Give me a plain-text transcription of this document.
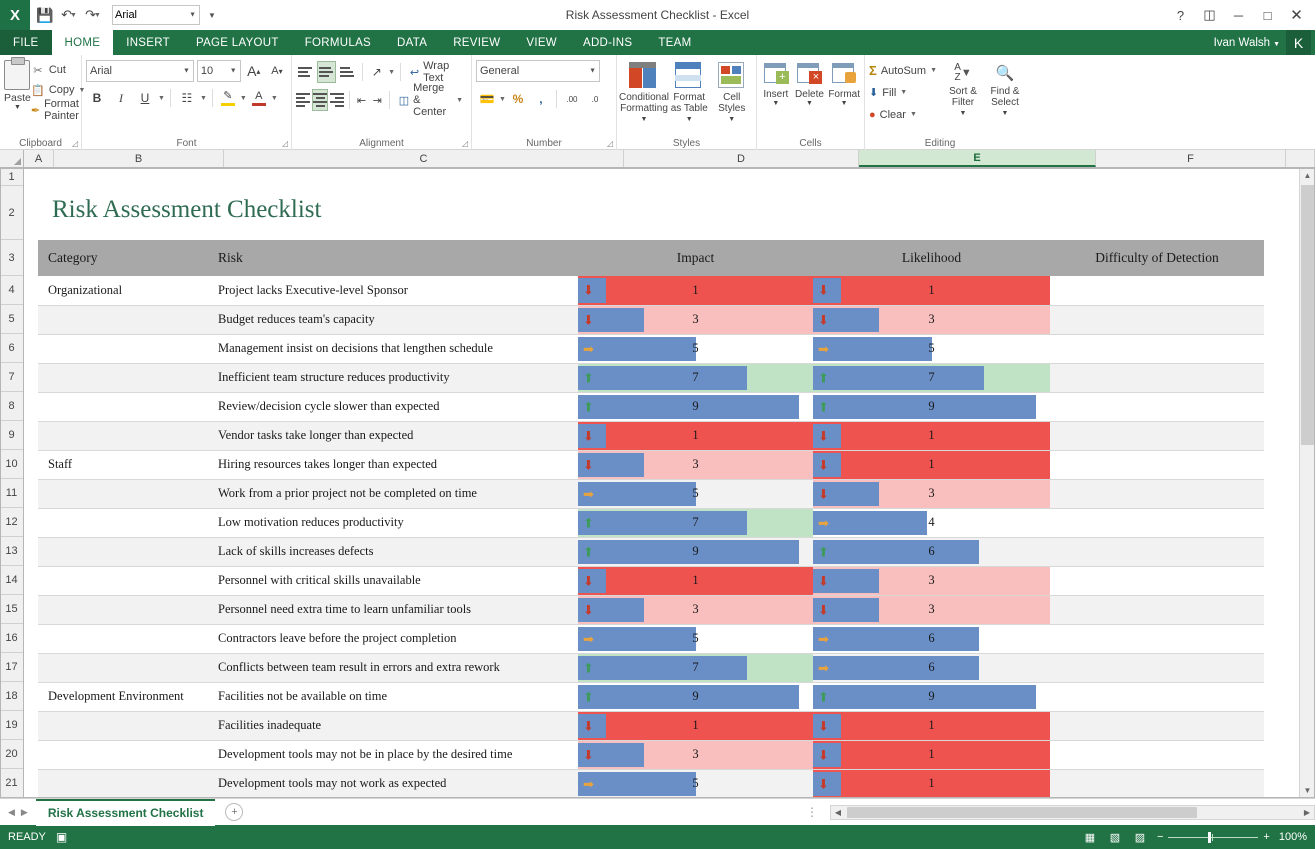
X	💾 ↶
▼ ↷
▼ Arial	▼ ▼	Risk Assessment Checklist - Excel	?	◫	─	□	✕
FILE	HOME	INSERT	PAGE LAYOUT	FORMULAS	DATA	REVIEW	VIEW	ADD-INS	TEAM	Ivan Walsh ▼ K
Paste
▼
✂ Cut
📋 Copy ▼
✒
Format Painter
Clipboard	◿
Arial	▼ 10 ▼ A ▴ A ▾
B	I	U	▼	☷	▼ ✎ ▼ A ▼
Font	◿
↗ ▼ ↩
Wrap Text
⇤ ⇥ ◫
Merge & Center
▼
Alignment	◿
General	▼
💳 ▼ %	,	.00 .0
Number	◿
Conditional Formatting
▼
Format as Table
▼
Cell Styles
▼
Styles
+
Insert
▼
×
Delete
▼
Format
▼
Cells
Σ AutoSum ▼
⬇ Fill ▼
● Clear ▼
A
Z ▼
Sort & Filter
▼
🔍
Find & Select
▼
Editing
A	B	C	D	E	F
1
2
3
4
5
6
7
8
9
10
11
12
13
14
15
16
17
18
19
20
21
Risk Assessment Checklist
Category	Risk	Impact	Likelihood	Difficulty of Detection
Organizational	Project lacks Executive-level Sponsor	⬇ 1	⬇ 1	

	Budget reduces team's capacity	⬇ 3	⬇ 3	

	Management insist on decisions that lengthen schedule	➡ 5	➡ 5	

	Inefficient team structure reduces productivity	⬆ 7	⬆ 7	

	Review/decision cycle slower than expected	⬆ 9	⬆ 9	

	Vendor tasks take longer than expected	⬇ 1	⬇ 1	

Staff	Hiring resources takes longer than expected	⬇ 3	⬇ 1	

	Work from a prior project not be completed on time	➡ 5	⬇ 3	

	Low motivation reduces productivity	⬆ 7	➡ 4	

	Lack of skills increases defects	⬆ 9	⬆ 6	

	Personnel with critical skills unavailable	⬇ 1	⬇ 3	

	Personnel need extra time to learn unfamiliar tools	⬇ 3	⬇ 3	

	Contractors leave before the project completion	➡ 5	➡ 6	

	Conflicts between team result in errors and extra rework	⬆ 7	➡ 6	

Development Environment	Facilities not be available on time	⬆ 9	⬆ 9	

	Facilities inadequate	⬇ 1	⬇ 1	

	Development tools may not be in place by the desired time	⬇ 3	⬇ 1	

	Development tools may not work as expected	➡ 5	⬇ 1	

▲
▼
◀ ▶	Risk Assessment Checklist	+	⋮	◀	▶
READY ▣	▦ ▧ ▨ −	+ 100%
